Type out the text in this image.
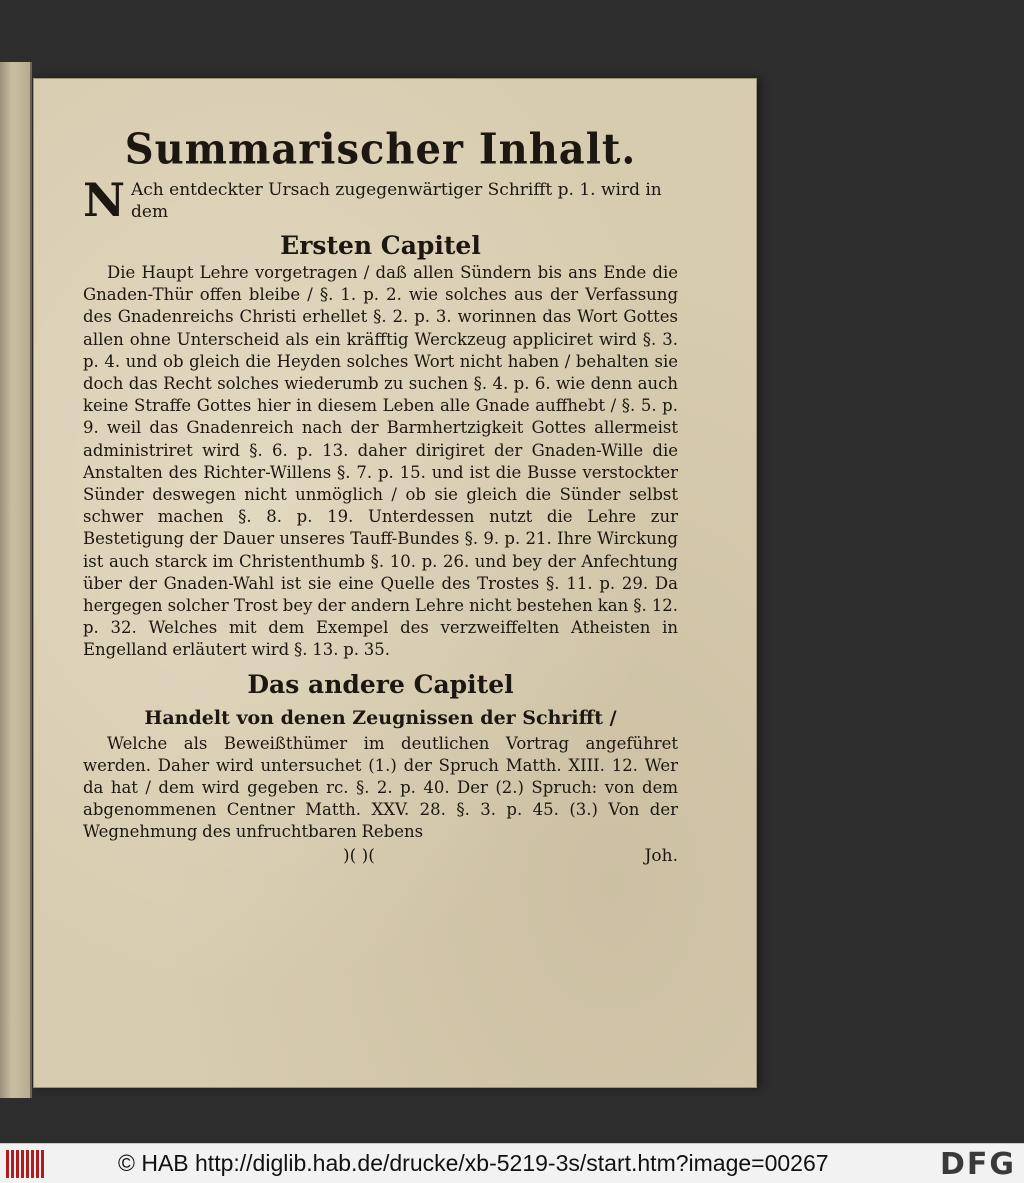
Summarischer Inhalt.

N Ach entdeckter Ursach zugegenwärtiger Schrifft p. 1. wird in dem

Ersten Capitel

Die Haupt Lehre vorgetragen / daß allen Sündern bis ans Ende die Gnaden-Thür offen bleibe / §. 1. p. 2. wie solches aus der Verfassung des Gnadenreichs Christi erhellet §. 2. p. 3. worinnen das Wort Gottes allen ohne Unterscheid als ein kräfftig Werckzeug appliciret wird §. 3. p. 4. und ob gleich die Heyden solches Wort nicht haben / behalten sie doch das Recht solches wiederumb zu suchen §. 4. p. 6. wie denn auch keine Straffe Gottes hier in diesem Leben alle Gnade auffhebt / §. 5. p. 9. weil das Gnadenreich nach der Barmhertzigkeit Gottes allermeist administriret wird §. 6. p. 13. daher dirigiret der Gnaden-Wille die Anstalten des Richter-Willens §. 7. p. 15. und ist die Busse verstockter Sünder deswegen nicht unmöglich / ob sie gleich die Sünder selbst schwer machen §. 8. p. 19. Unterdessen nutzt die Lehre zur Bestetigung der Dauer unseres Tauff-Bundes §. 9. p. 21. Ihre Wirckung ist auch starck im Christenthumb §. 10. p. 26. und bey der Anfechtung über der Gnaden-Wahl ist sie eine Quelle des Trostes §. 11. p. 29. Da hergegen solcher Trost bey der andern Lehre nicht bestehen kan §. 12. p. 32. Welches mit dem Exempel des verzweiffelten Atheisten in Engelland erläutert wird §. 13. p. 35.

Das andere Capitel
Handelt von denen Zeugnissen der Schrifft /

Welche als Beweißthümer im deutlichen Vortrag angeführet werden. Daher wird untersuchet (1.) der Spruch Matth. XIII. 12. Wer da hat / dem wird gegeben rc. §. 2. p. 40. Der (2.) Spruch: von dem abgenommenen Centner Matth. XXV. 28. §. 3. p. 45. (3.) Von der Wegnehmung des unfruchtbaren Rebens

)( )(	Joh.
© HAB http://diglib.hab.de/drucke/xb-5219-3s/start.htm?image=00267	DFG
